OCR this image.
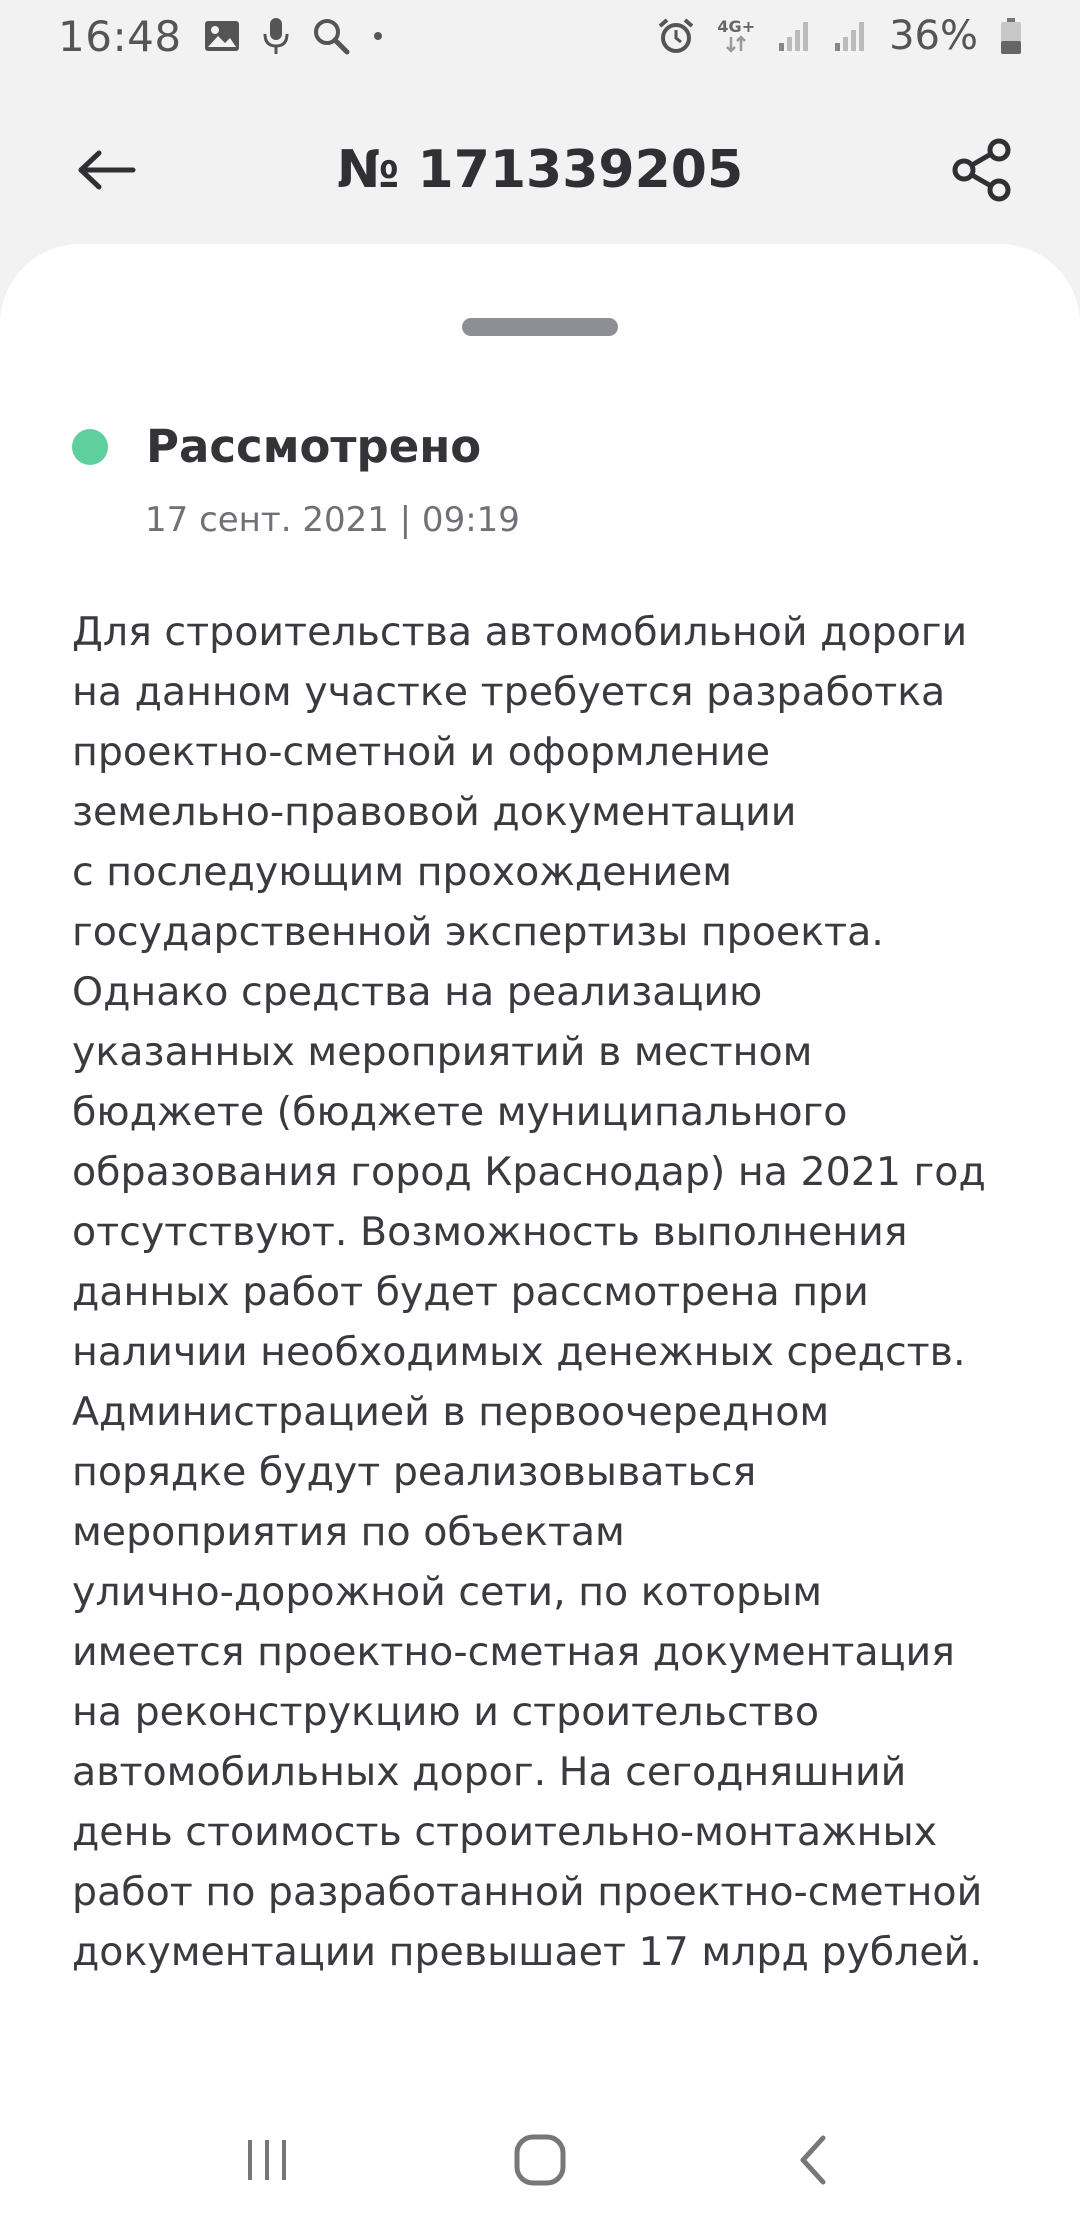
16:48	4G+	36%
№ 171339205
Рассмотрено
17 сент. 2021 | 09:19
Для строительства автомобильной дороги
на данном участке требуется разработка
проектно-сметной и оформление
земельно-правовой документации
с последующим прохождением
государственной экспертизы проекта.
Однако средства на реализацию
указанных мероприятий в местном
бюджете (бюджете муниципального
образования город Краснодар) на 2021 год
отсутствуют. Возможность выполнения
данных работ будет рассмотрена при
наличии необходимых денежных средств.
Администрацией в первоочередном
порядке будут реализовываться
мероприятия по объектам
улично-дорожной сети, по которым
имеется проектно-сметная документация
на реконструкцию и строительство
автомобильных дорог. На сегодняшний
день стоимость строительно-монтажных
работ по разработанной проектно-сметной
документации превышает 17 млрд рублей.
